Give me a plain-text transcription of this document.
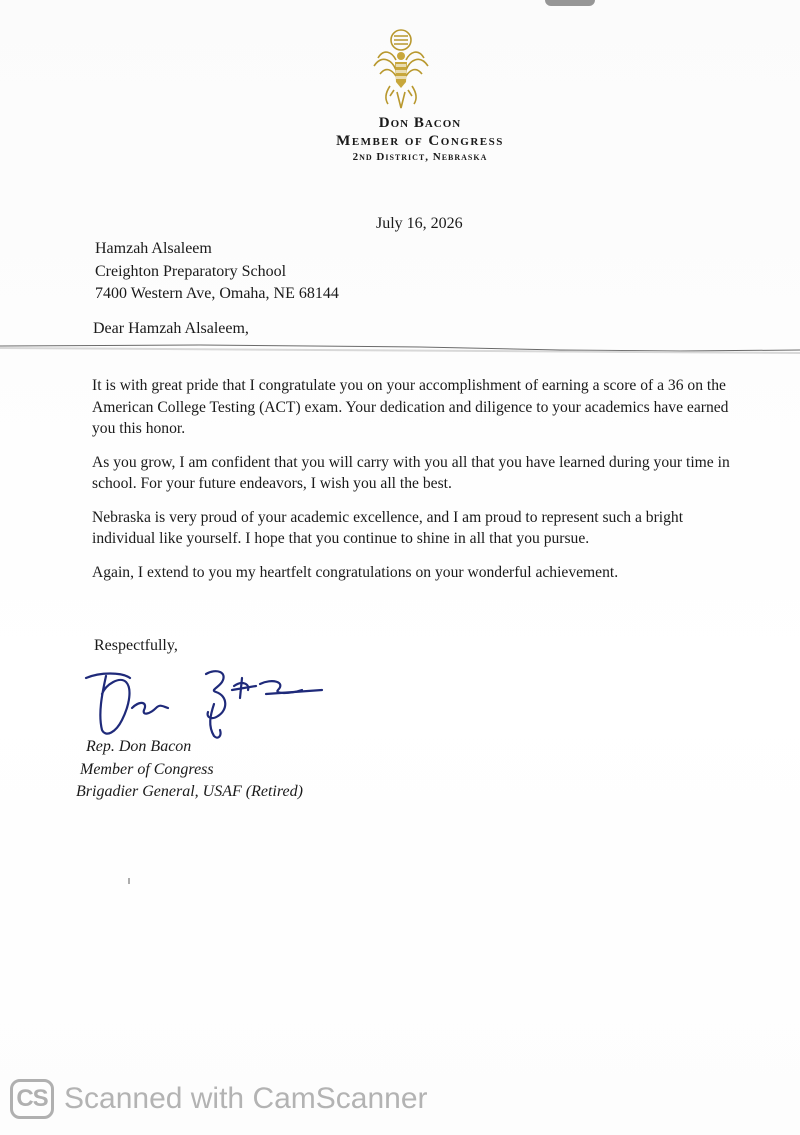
Don Bacon
Member of Congress
2nd District, Nebraska
July 16, 2026
Hamzah Alsaleem
Creighton Preparatory School
7400 Western Ave, Omaha, NE 68144
Dear Hamzah Alsaleem,

It is with great pride that I congratulate you on your accomplishment of earning a score of a 36 on the American College Testing (ACT) exam. Your dedication and diligence to your academics have earned you this honor.

As you grow, I am confident that you will carry with you all that you have learned during your time in school. For your future endeavors, I wish you all the best.

Nebraska is very proud of your academic excellence, and I am proud to represent such a bright individual like yourself. I hope that you continue to shine in all that you pursue.

Again, I extend to you my heartfelt congratulations on your wonderful achievement.

Respectfully,
Rep. Don Bacon
Member of Congress
Brigadier General, USAF (Retired)
CS Scanned with CamScanner
